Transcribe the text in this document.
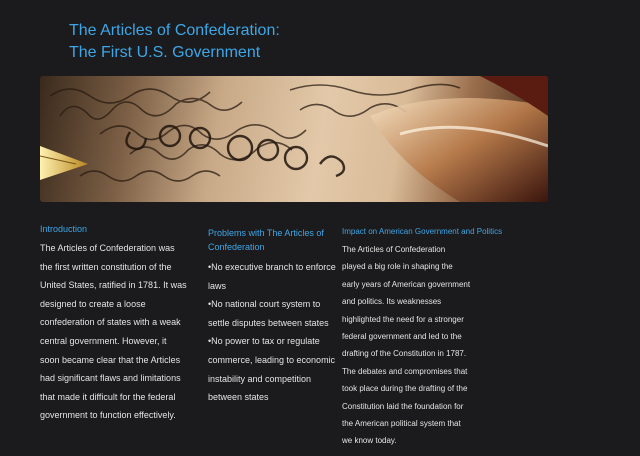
The Articles of Confederation:
The First U.S. Government
Introduction
The Articles of Confederation was
the first written constitution of the
United States, ratified in 1781. It was
designed to create a loose
confederation of states with a weak
central government. However, it
soon became clear that the Articles
had significant flaws and limitations
that made it difficult for the federal
government to function effectively.
Problems with The Articles of Confederation
•No executive branch to enforce
laws
•No national court system to
settle disputes between states
•No power to tax or regulate
commerce, leading to economic
instability and competition
between states
Impact on American Government and Politics
The Articles of Confederation
played a big role in shaping the
early years of American government
and politics. Its weaknesses
highlighted the need for a stronger
federal government and led to the
drafting of the Constitution in 1787.
The debates and compromises that
took place during the drafting of the
Constitution laid the foundation for
the American political system that
we know today.
